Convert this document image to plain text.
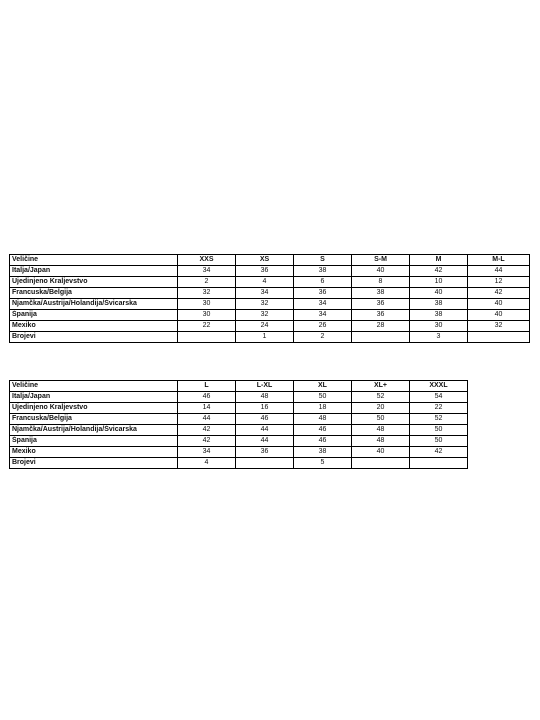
Veličine	XXS	XS	S	S-M	M	M-L
Italja/Japan	34	36	38	40	42	44
Ujedinjeno Kraljevstvo	2	4	6	8	10	12
Francuska/Belgija	32	34	36	38	40	42
Njamčka/Austrija/Holandija/Švicarska	30	32	34	36	38	40
Španija	30	32	34	36	38	40
Mexiko	22	24	26	28	30	32
Brojevi		1	2		3	
Veličine	L	L-XL	XL	XL+	XXXL
Italja/Japan	46	48	50	52	54
Ujedinjeno Kraljevstvo	14	16	18	20	22
Francuska/Belgija	44	46	48	50	52
Njamčka/Austrija/Holandija/Švicarska	42	44	46	48	50
Španija	42	44	46	48	50
Mexiko	34	36	38	40	42
Brojevi	4		5		
